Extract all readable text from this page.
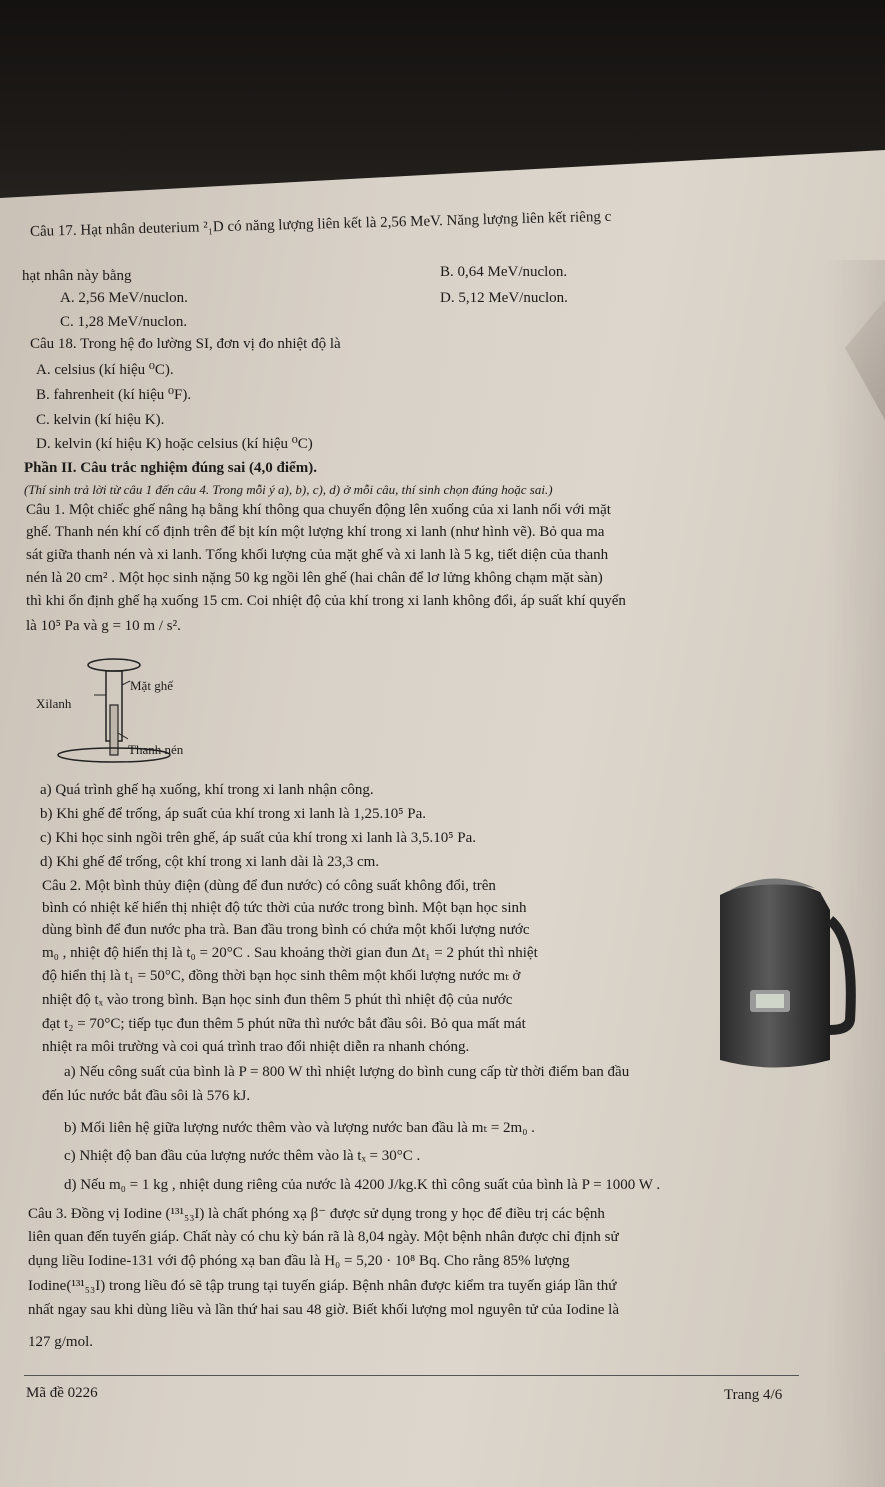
Câu 17. Hạt nhân deuterium ²₁D có năng lượng liên kết là 2,56 MeV. Năng lượng liên kết riêng c
hạt nhân này bằng
A. 2,56 MeV/nuclon.
B. 0,64 MeV/nuclon.
C. 1,28 MeV/nuclon.
D. 5,12 MeV/nuclon.
Câu 18. Trong hệ đo lường SI, đơn vị đo nhiệt độ là
A. celsius (kí hiệu ⁰C).
B. fahrenheit (kí hiệu ⁰F).
C. kelvin (kí hiệu K).
D. kelvin (kí hiệu K) hoặc celsius (kí hiệu ⁰C)
Phần II. Câu trắc nghiệm đúng sai (4,0 điểm).
(Thí sinh trả lời từ câu 1 đến câu 4. Trong mỗi ý a), b), c), d) ở mỗi câu, thí sinh chọn đúng hoặc sai.)
Câu 1. Một chiếc ghế nâng hạ bằng khí thông qua chuyển động lên xuống của xi lanh nối với mặt
ghế. Thanh nén khí cố định trên để bịt kín một lượng khí trong xi lanh (như hình vẽ). Bỏ qua ma
sát giữa thanh nén và xi lanh. Tổng khối lượng của mặt ghế và xi lanh là 5 kg, tiết diện của thanh
nén là 20 cm² . Một học sinh nặng 50 kg ngồi lên ghế (hai chân để lơ lửng không chạm mặt sàn)
thì khi ổn định ghế hạ xuống 15 cm. Coi nhiệt độ của khí trong xi lanh không đổi, áp suất khí quyển
là 10⁵ Pa và g = 10 m / s².
Mặt ghế
Xilanh
Thanh nén
a) Quá trình ghế hạ xuống, khí trong xi lanh nhận công.
b) Khi ghế để trống, áp suất của khí trong xi lanh là 1,25.10⁵ Pa.
c) Khi học sinh ngồi trên ghế, áp suất của khí trong xi lanh là 3,5.10⁵ Pa.
d) Khi ghế để trống, cột khí trong xi lanh dài là 23,3 cm.
Câu 2. Một bình thủy điện (dùng để đun nước) có công suất không đổi, trên
bình có nhiệt kế hiển thị nhiệt độ tức thời của nước trong bình. Một bạn học sinh
dùng bình để đun nước pha trà. Ban đầu trong bình có chứa một khối lượng nước
m₀ , nhiệt độ hiển thị là t₀ = 20°C . Sau khoảng thời gian đun Δt₁ = 2 phút thì nhiệt
độ hiển thị là t₁ = 50°C, đồng thời bạn học sinh thêm một khối lượng nước mₜ ở
nhiệt độ tₓ vào trong bình. Bạn học sinh đun thêm 5 phút thì nhiệt độ của nước
đạt t₂ = 70°C; tiếp tục đun thêm 5 phút nữa thì nước bắt đầu sôi. Bỏ qua mất mát
nhiệt ra môi trường và coi quá trình trao đổi nhiệt diễn ra nhanh chóng.
a) Nếu công suất của bình là P = 800 W thì nhiệt lượng do bình cung cấp từ thời điểm ban đầu
đến lúc nước bắt đầu sôi là 576 kJ.
b) Mối liên hệ giữa lượng nước thêm vào và lượng nước ban đầu là mₜ = 2m₀ .
c) Nhiệt độ ban đầu của lượng nước thêm vào là tₓ = 30°C .
d) Nếu m₀ = 1 kg , nhiệt dung riêng của nước là 4200 J/kg.K thì công suất của bình là P = 1000 W .
Câu 3. Đồng vị Iodine (¹³¹₅₃I) là chất phóng xạ β⁻ được sử dụng trong y học để điều trị các bệnh
liên quan đến tuyến giáp. Chất này có chu kỳ bán rã là 8,04 ngày. Một bệnh nhân được chỉ định sử
dụng liều Iodine-131 với độ phóng xạ ban đầu là H₀ = 5,20 · 10⁸ Bq. Cho rằng 85% lượng
Iodine(¹³¹₅₃I) trong liều đó sẽ tập trung tại tuyến giáp. Bệnh nhân được kiểm tra tuyến giáp lần thứ
nhất ngay sau khi dùng liều và lần thứ hai sau 48 giờ. Biết khối lượng mol nguyên tử của Iodine là
127 g/mol.
Mã đề 0226	Trang 4/6
